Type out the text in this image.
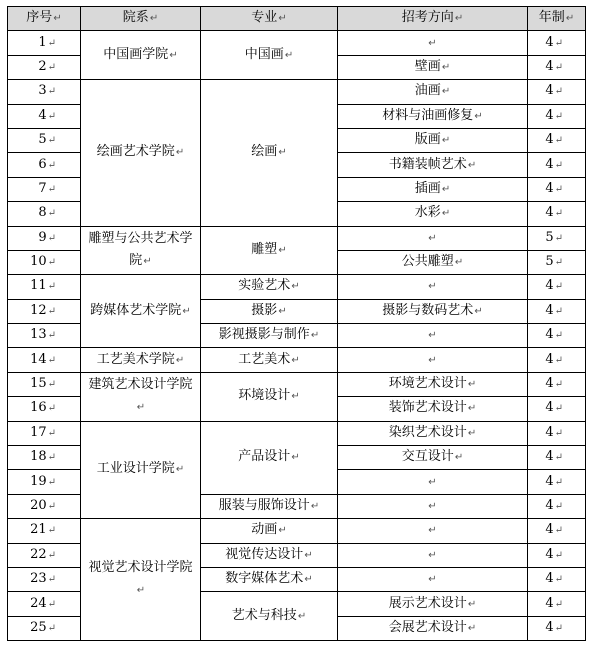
序号↵	院系↵	专业↵	招考方向↵	年制↵
1↵	中国画学院↵	中国画↵	↵	4↵
2↵			壁画↵	4↵
3↵	绘画艺术学院↵	绘画↵	油画↵	4↵
4↵			材料与油画修复↵	4↵
5↵			版画↵	4↵
6↵			书籍装帧艺术↵	4↵
7↵			插画↵	4↵
8↵			水彩↵	4↵
9↵	雕塑与公共艺术学院↵	雕塑↵	↵	5↵
10↵			公共雕塑↵	5↵
11↵	跨媒体艺术学院↵	实验艺术↵	↵	4↵
12↵		摄影↵	摄影与数码艺术↵	4↵
13↵		影视摄影与制作↵	↵	4↵
14↵	工艺美术学院↵	工艺美术↵	↵	4↵
15↵	建筑艺术设计学院↵	环境设计↵	环境艺术设计↵	4↵
16↵			装饰艺术设计↵	4↵
17↵	工业设计学院↵	产品设计↵	染织艺术设计↵	4↵
18↵			交互设计↵	4↵
19↵			↵	4↵
20↵		服装与服饰设计↵	↵	4↵
21↵	视觉艺术设计学院↵	动画↵	↵	4↵
22↵		视觉传达设计↵	↵	4↵
23↵		数字媒体艺术↵	↵	4↵
24↵		艺术与科技↵	展示艺术设计↵	4↵
25↵			会展艺术设计↵	4↵
